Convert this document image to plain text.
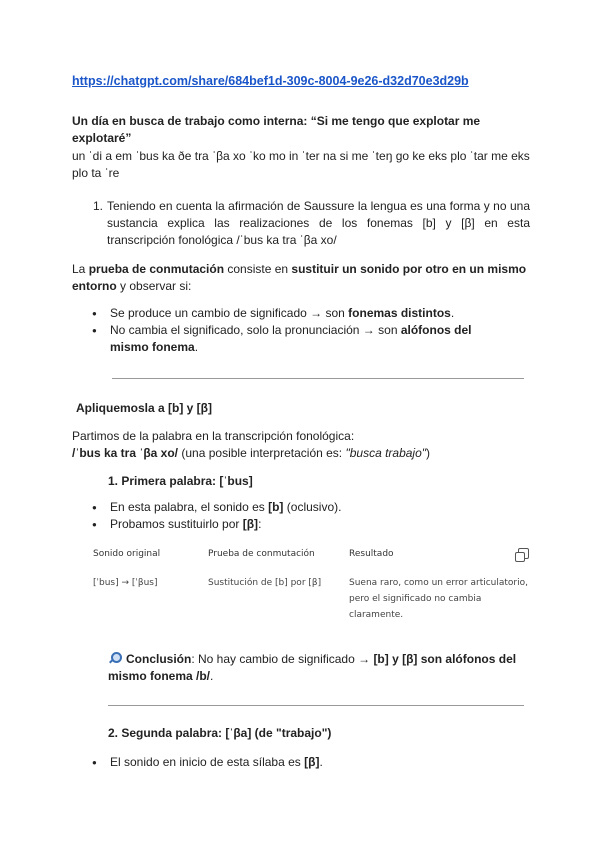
https://chatgpt.com/share/684bef1d-309c-8004-9e26-d32d70e3d29b
Un día en busca de trabajo como interna: “Si me tengo que explotar me explotaré”
un ˈdi a em ˈbus ka ðe tra ˈβa xo ˈko mo in ˈter na si me ˈteŋ go ke eks plo ˈtar me eks plo ta ˈre
1. Teniendo en cuenta la afirmación de Saussure la lengua es una forma y no una sustancia explica las realizaciones de los fonemas [b] y [β] en esta transcripción fonológica /ˈbus ka tra ˈβa xo/
La prueba de conmutación consiste en sustituir un sonido por otro en un mismo entorno y observar si:
● Se produce un cambio de significado → son fonemas distintos.
● No cambia el significado, solo la pronunciación → son alófonos del mismo fonema.
Apliquemosla a [b] y [β]
Partimos de la palabra en la transcripción fonológica:
/ˈbus ka tra ˈβa xo/ (una posible interpretación es: "busca trabajo")
1. Primera palabra: [ˈbus]
● En esta palabra, el sonido es [b] (oclusivo).
● Probamos sustituirlo por [β]:
Sonido original	Prueba de conmutación	Resultado
[ˈbus] → [ˈβus]	Sustitución de [b] por [β]	Suena raro, como un error articulatorio,
pero el significado no cambia
claramente.
Conclusión: No hay cambio de significado → [b] y [β] son alófonos del mismo fonema /b/.
2. Segunda palabra: [ˈβa] (de "trabajo")
● El sonido en inicio de esta sílaba es [β].
